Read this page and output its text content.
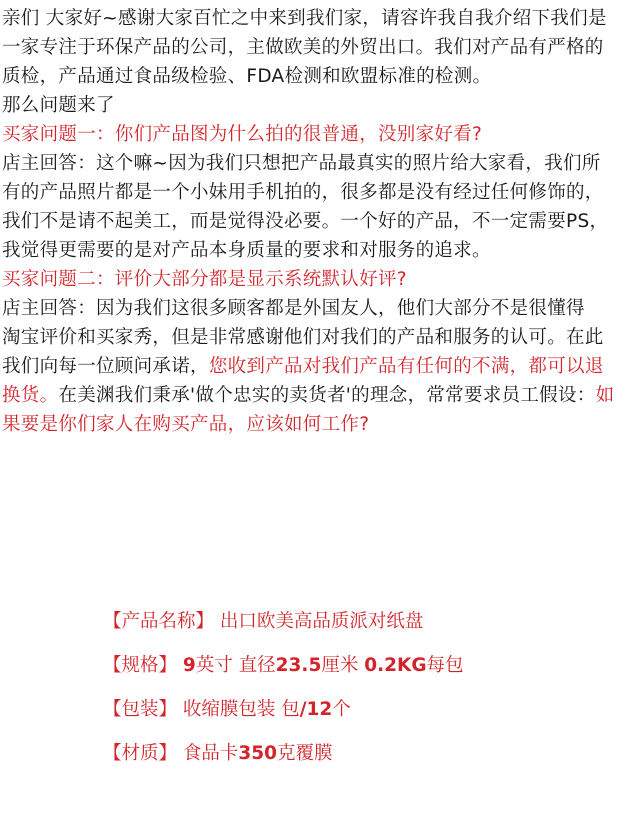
亲们 大家好~感谢大家百忙之中来到我们家，请容许我自我介绍下我们是一家专注于环保产品的公司，主做欧美的外贸出口。我们对产品有严格的质检，产品通过食品级检验、FDA检测和欧盟标准的检测。

那么问题来了

买家问题一：你们产品图为什么拍的很普通，没别家好看?

店主回答：这个嘛~因为我们只想把产品最真实的照片给大家看，我们所有的产品照片都是一个小妹用手机拍的，很多都是没有经过任何修饰的，我们不是请不起美工，而是觉得没必要。一个好的产品，不一定需要PS，我觉得更需要的是对产品本身质量的要求和对服务的追求。

买家问题二：评价大部分都是显示系统默认好评?

店主回答：因为我们这很多顾客都是外国友人，他们大部分不是很懂得

淘宝评价和买家秀，但是非常感谢他们对我们的产品和服务的认可。在此我们向每一位顾问承诺，您收到产品对我们产品有任何的不满，都可以退换货。在美渊我们秉承'做个忠实的卖货者'的理念，常常要求员工假设：如果要是你们家人在购买产品，应该如何工作?

【产品名称】 出口欧美高品质派对纸盘
【规格】 9英寸 直径23.5厘米 0.2KG每包
【包装】 收缩膜包装 包/12个
【材质】 食品卡350克覆膜
